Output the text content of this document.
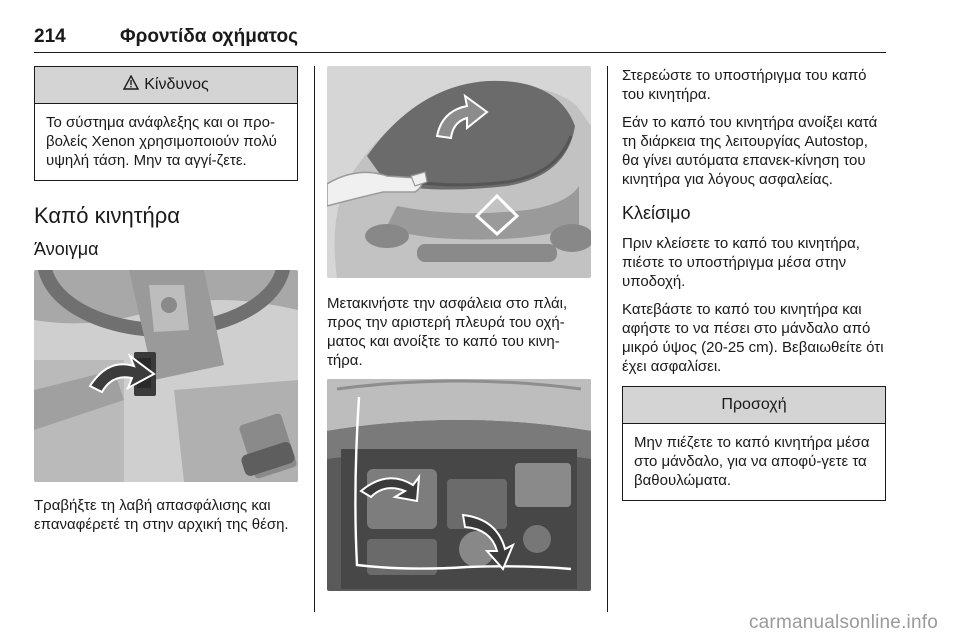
214	Φροντίδα οχήματος
Κίνδυνος
Το σύστημα ανάφλεξης και οι προ-βολείς Xenon χρησιμοποιούν πολύ υψηλή τάση. Μην τα αγγί-ζετε.
Καπό κινητήρα
Άνοιγμα

Τραβήξτε τη λαβή απασφάλισης και επαναφέρετέ τη στην αρχική της θέση.

Μετακινήστε την ασφάλεια στο πλάι, προς την αριστερή πλευρά του οχή-ματος και ανοίξτε το καπό του κινη-τήρα.

Στερεώστε το υποστήριγμα του καπό του κινητήρα.

Εάν το καπό του κινητήρα ανοίξει κατά τη διάρκεια της λειτουργίας Autostop, θα γίνει αυτόματα επανεκ-κίνηση του κινητήρα για λόγους ασφαλείας.

Κλείσιμο

Πριν κλείσετε το καπό του κινητήρα, πιέστε το υποστήριγμα μέσα στην υποδοχή.

Κατεβάστε το καπό του κινητήρα και αφήστε το να πέσει στο μάνδαλο από μικρό ύψος (20-25 cm). Βεβαιωθείτε ότι έχει ασφαλίσει.

Προσοχή
Μην πιέζετε το καπό κινητήρα μέσα στο μάνδαλο, για να αποφύ-γετε τα βαθουλώματα.
carmanualsonline.info
